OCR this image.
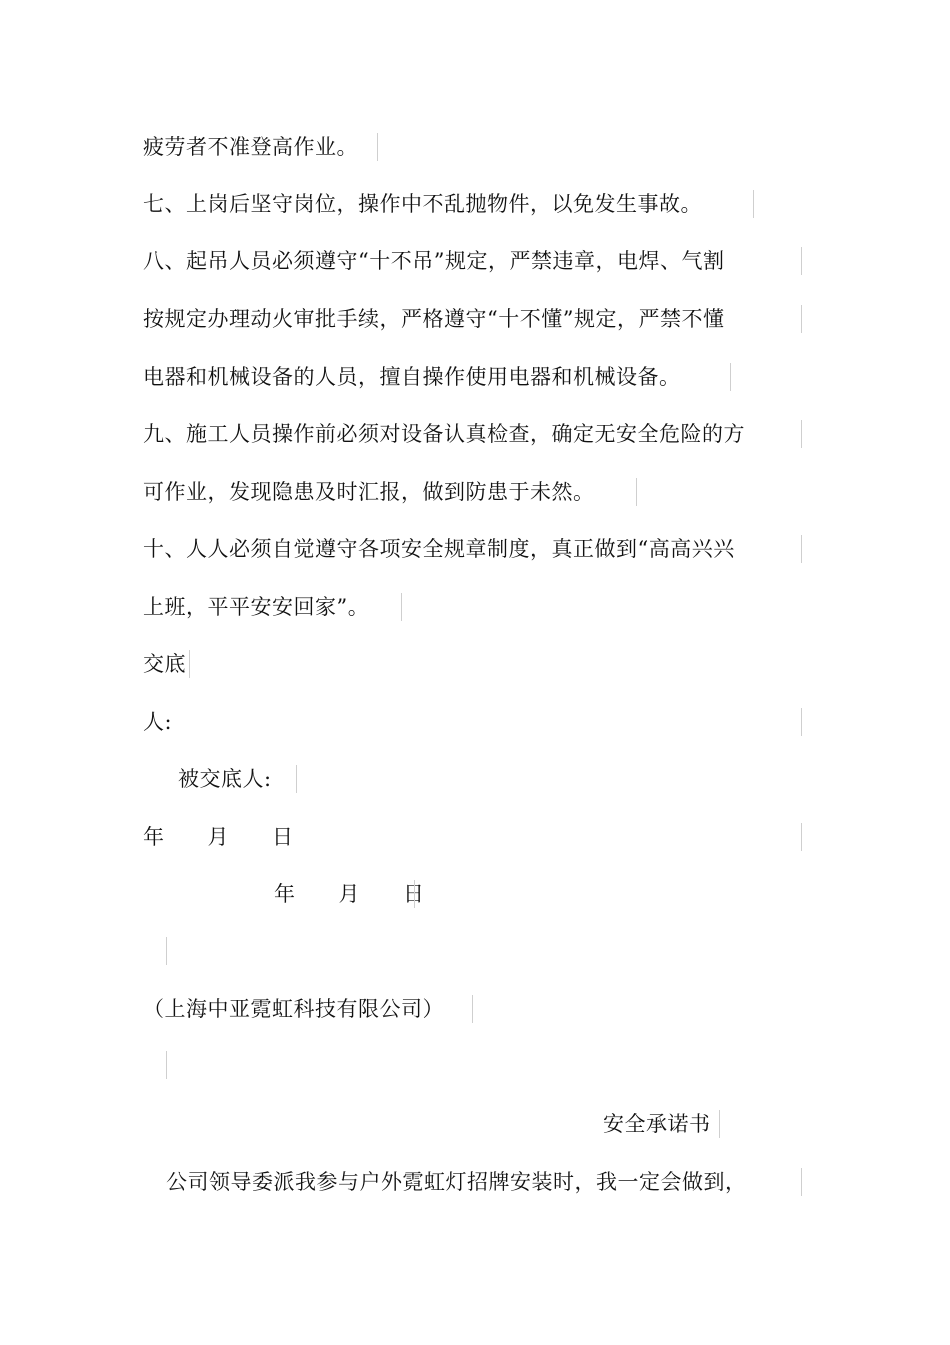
疲劳者不准登高作业。
七、上岗后坚守岗位，操作中不乱抛物件，以免发生事故。
八、起吊人员必须遵守“十不吊”规定，严禁违章，电焊、气割
按规定办理动火审批手续，严格遵守“十不懂”规定，严禁不懂
电器和机械设备的人员，擅自操作使用电器和机械设备。
九、施工人员操作前必须对设备认真检查，确定无安全危险的方
可作业，发现隐患及时汇报，做到防患于未然。
十、人人必须自觉遵守各项安全规章制度，真正做到“高高兴兴
上班，平平安安回家”。
交底
人:
被交底人:
年　　月　　日
年　　月　　日
（上海中亚霓虹科技有限公司）
安全承诺书
公司领导委派我参与户外霓虹灯招牌安装时，我一定会做到，
